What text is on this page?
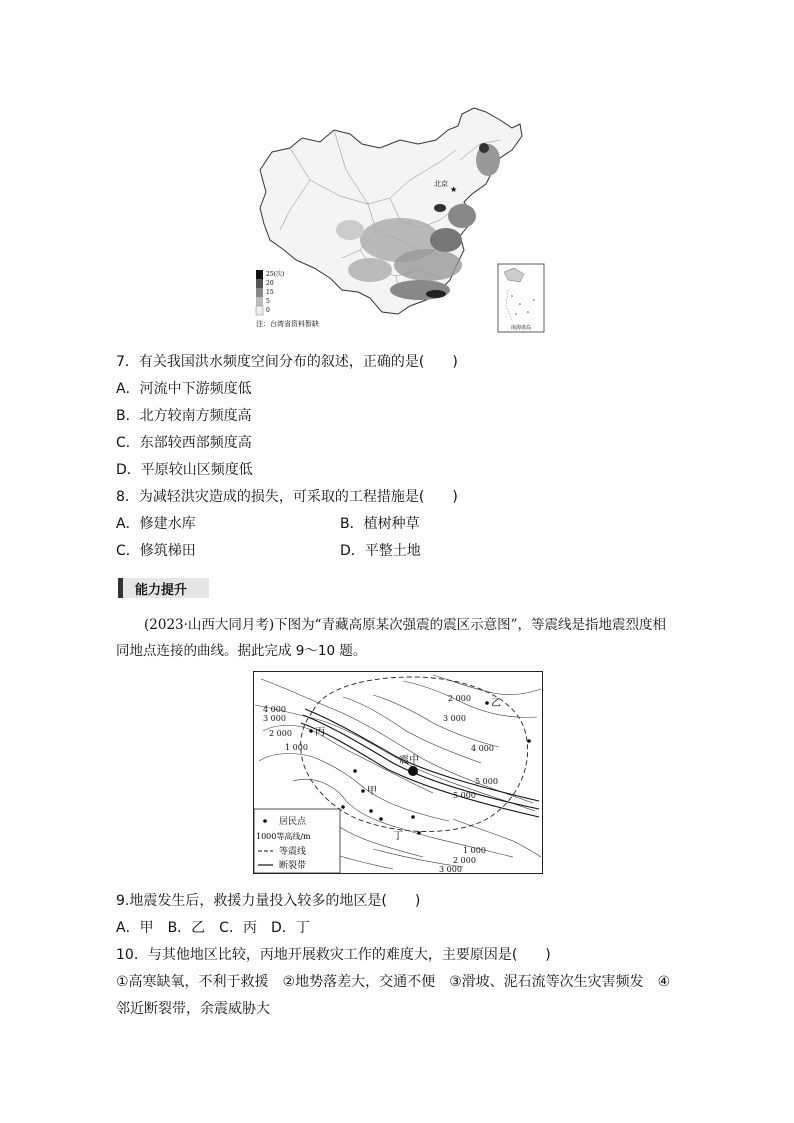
北京
★
25(次)
20
15
5
0
注：台湾省资料暂缺	南海诸岛
7．有关我国洪水频度空间分布的叙述，正确的是(　　)
A．河流中下游频度低
B．北方较南方频度高
C．东部较西部频度高
D．平原较山区频度低
8．为减轻洪灾造成的损失，可采取的工程措施是(　　)
A．修建水库	B．植树种草
C．修筑梯田	D．平整土地
能力提升
(2023·山西大同月考)下图为“青藏高原某次强震的震区示意图”，等震线是指地震烈度相
同地点连接的曲线。据此完成 9～10 题。
2 000
3 000
4 000
4 000
3 000
2 000
1 000
5 000
5 000
1 000
2 000
3 000
乙
丙
甲
丁
震中
居民点
1000等高线/m
等震线
断裂带
9.地震发生后，救援力量投入较多的地区是(　　)
A．甲　B．乙　C．丙　D．丁
10．与其他地区比较，丙地开展救灾工作的难度大，主要原因是(　　)
①高寒缺氧，不利于救援　②地势落差大，交通不便　③滑坡、泥石流等次生灾害频发　④
邻近断裂带，余震威胁大
